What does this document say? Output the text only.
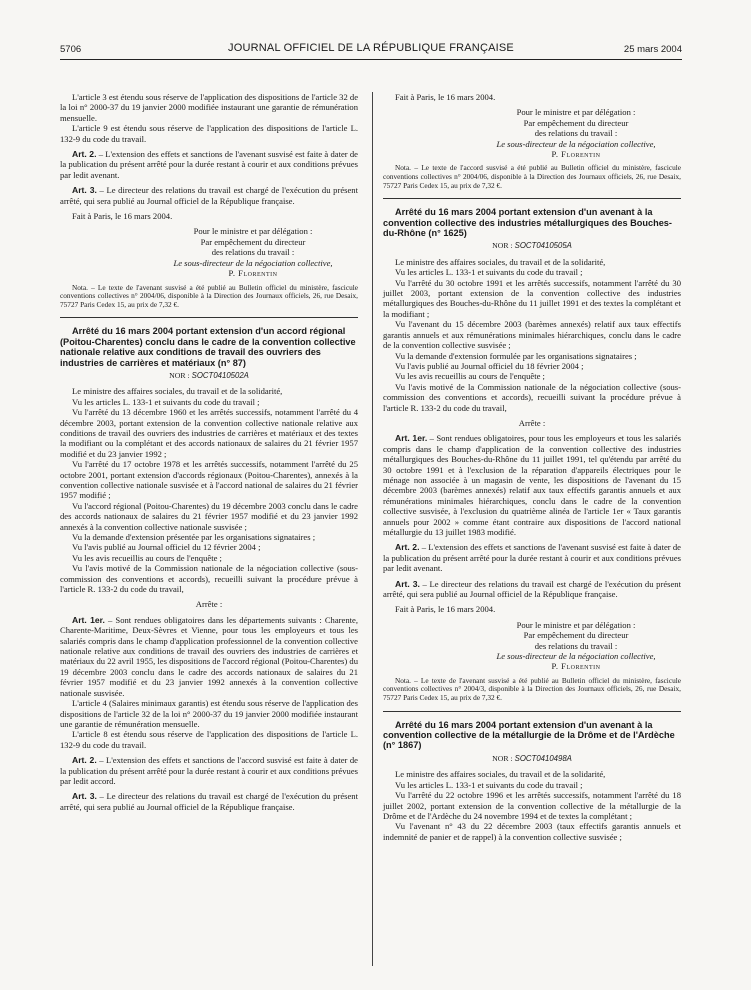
5706	JOURNAL OFFICIEL DE LA RÉPUBLIQUE FRANÇAISE	25 mars 2004

L'article 3 est étendu sous réserve de l'application des dispositions de l'article 32 de la loi n° 2000-37 du 19 janvier 2000 modifiée instaurant une garantie de rémunération mensuelle.

L'article 9 est étendu sous réserve de l'application des dispositions de l'article L. 132-9 du code du travail.

Art. 2. – L'extension des effets et sanctions de l'avenant susvisé est faite à dater de la publication du présent arrêté pour la durée restant à courir et aux conditions prévues par ledit avenant.

Art. 3. – Le directeur des relations du travail est chargé de l'exécution du présent arrêté, qui sera publié au Journal officiel de la République française.

Fait à Paris, le 16 mars 2004.

Pour le ministre et par délégation :
Par empêchement du directeur
des relations du travail :
Le sous-directeur de la négociation collective,
P. Florentin

Nota. – Le texte de l'avenant susvisé a été publié au Bulletin officiel du ministère, fascicule conventions collectives n° 2004/06, disponible à la Direction des Journaux officiels, 26, rue Desaix, 75727 Paris Cedex 15, au prix de 7,32 €.

Arrêté du 16 mars 2004 portant extension d'un accord régional (Poitou-Charentes) conclu dans le cadre de la convention collective nationale relative aux conditions de travail des ouvriers des industries de carrières et matériaux (n° 87)

NOR : SOCT0410502A

Le ministre des affaires sociales, du travail et de la solidarité,

Vu les articles L. 133-1 et suivants du code du travail ;

Vu l'arrêté du 13 décembre 1960 et les arrêtés successifs, notamment l'arrêté du 4 décembre 2003, portant extension de la convention collective nationale relative aux conditions de travail des ouvriers des industries de carrières et matériaux et des textes la modifiant ou la complétant et des accords nationaux de salaires du 21 février 1957 modifié et du 23 janvier 1992 ;

Vu l'arrêté du 17 octobre 1978 et les arrêtés successifs, notamment l'arrêté du 25 octobre 2001, portant extension d'accords régionaux (Poitou-Charentes), annexés à la convention collective nationale susvisée et à l'accord national de salaires du 21 février 1957 modifié ;

Vu l'accord régional (Poitou-Charentes) du 19 décembre 2003 conclu dans le cadre des accords nationaux de salaires du 21 février 1957 modifié et du 23 janvier 1992 annexés à la convention collective nationale susvisée ;

Vu la demande d'extension présentée par les organisations signataires ;

Vu l'avis publié au Journal officiel du 12 février 2004 ;

Vu les avis recueillis au cours de l'enquête ;

Vu l'avis motivé de la Commission nationale de la négociation collective (sous-commission des conventions et accords), recueilli suivant la procédure prévue à l'article R. 133-2 du code du travail,

Arrête :

Art. 1er. – Sont rendues obligatoires dans les départements suivants : Charente, Charente-Maritime, Deux-Sèvres et Vienne, pour tous les employeurs et tous les salariés compris dans le champ d'application professionnel de la convention collective nationale relative aux conditions de travail des ouvriers des industries de carrières et matériaux du 22 avril 1955, les dispositions de l'accord régional (Poitou-Charentes) du 19 décembre 2003 conclu dans le cadre des accords nationaux de salaires du 21 février 1957 modifié et du 23 janvier 1992 annexés à la convention collective nationale susvisée.

L'article 4 (Salaires minimaux garantis) est étendu sous réserve de l'application des dispositions de l'article 32 de la loi n° 2000-37 du 19 janvier 2000 modifiée instaurant une garantie de rémunération mensuelle.

L'article 8 est étendu sous réserve de l'application des dispositions de l'article L. 132-9 du code du travail.

Art. 2. – L'extension des effets et sanctions de l'accord susvisé est faite à dater de la publication du présent arrêté pour la durée restant à courir et aux conditions prévues par ledit accord.

Art. 3. – Le directeur des relations du travail est chargé de l'exécution du présent arrêté, qui sera publié au Journal officiel de la République française.

Fait à Paris, le 16 mars 2004.

Pour le ministre et par délégation :
Par empêchement du directeur
des relations du travail :
Le sous-directeur de la négociation collective,
P. Florentin

Nota. – Le texte de l'accord susvisé a été publié au Bulletin officiel du ministère, fascicule conventions collectives n° 2004/06, disponible à la Direction des Journaux officiels, 26, rue Desaix, 75727 Paris Cedex 15, au prix de 7,32 €.

Arrêté du 16 mars 2004 portant extension d'un avenant à la convention collective des industries métallurgiques des Bouches-du-Rhône (n° 1625)

NOR : SOCT0410505A

Le ministre des affaires sociales, du travail et de la solidarité,

Vu les articles L. 133-1 et suivants du code du travail ;

Vu l'arrêté du 30 octobre 1991 et les arrêtés successifs, notamment l'arrêté du 30 juillet 2003, portant extension de la convention collective des industries métallurgiques des Bouches-du-Rhône du 11 juillet 1991 et des textes la complétant et la modifiant ;

Vu l'avenant du 15 décembre 2003 (barèmes annexés) relatif aux taux effectifs garantis annuels et aux rémunérations minimales hiérarchiques, conclu dans le cadre de la convention collective susvisée ;

Vu la demande d'extension formulée par les organisations signataires ;

Vu l'avis publié au Journal officiel du 18 février 2004 ;

Vu les avis recueillis au cours de l'enquête ;

Vu l'avis motivé de la Commission nationale de la négociation collective (sous-commission des conventions et accords), recueilli suivant la procédure prévue à l'article R. 133-2 du code du travail,

Arrête :

Art. 1er. – Sont rendues obligatoires, pour tous les employeurs et tous les salariés compris dans le champ d'application de la convention collective des industries métallurgiques des Bouches-du-Rhône du 11 juillet 1991, tel qu'étendu par arrêté du 30 octobre 1991 et à l'exclusion de la réparation d'appareils électriques pour le ménage non associée à un magasin de vente, les dispositions de l'avenant du 15 décembre 2003 (barèmes annexés) relatif aux taux effectifs garantis annuels et aux rémunérations minimales hiérarchiques, conclu dans le cadre de la convention collective susvisée, à l'exclusion du quatrième alinéa de l'article 1er « Taux garantis annuels pour 2002 » comme étant contraire aux dispositions de l'accord national métallurgie du 13 juillet 1983 modifié.

Art. 2. – L'extension des effets et sanctions de l'avenant susvisé est faite à dater de la publication du présent arrêté pour la durée restant à courir et aux conditions prévues par ledit avenant.

Art. 3. – Le directeur des relations du travail est chargé de l'exécution du présent arrêté, qui sera publié au Journal officiel de la République française.

Fait à Paris, le 16 mars 2004.

Pour le ministre et par délégation :
Par empêchement du directeur
des relations du travail :
Le sous-directeur de la négociation collective,
P. Florentin

Nota. – Le texte de l'avenant susvisé a été publié au Bulletin officiel du ministère, fascicule conventions collectives n° 2004/3, disponible à la Direction des Journaux officiels, 26, rue Desaix, 75727 Paris Cedex 15, au prix de 7,32 €.

Arrêté du 16 mars 2004 portant extension d'un avenant à la convention collective de la métallurgie de la Drôme et de l'Ardèche (n° 1867)

NOR : SOCT0410498A

Le ministre des affaires sociales, du travail et de la solidarité,

Vu les articles L. 133-1 et suivants du code du travail ;

Vu l'arrêté du 22 octobre 1996 et les arrêtés successifs, notamment l'arrêté du 18 juillet 2002, portant extension de la convention collective de la métallurgie de la Drôme et de l'Ardèche du 24 novembre 1994 et de textes la complétant ;

Vu l'avenant n° 43 du 22 décembre 2003 (taux effectifs garantis annuels et indemnité de panier et de rappel) à la convention collective susvisée ;
